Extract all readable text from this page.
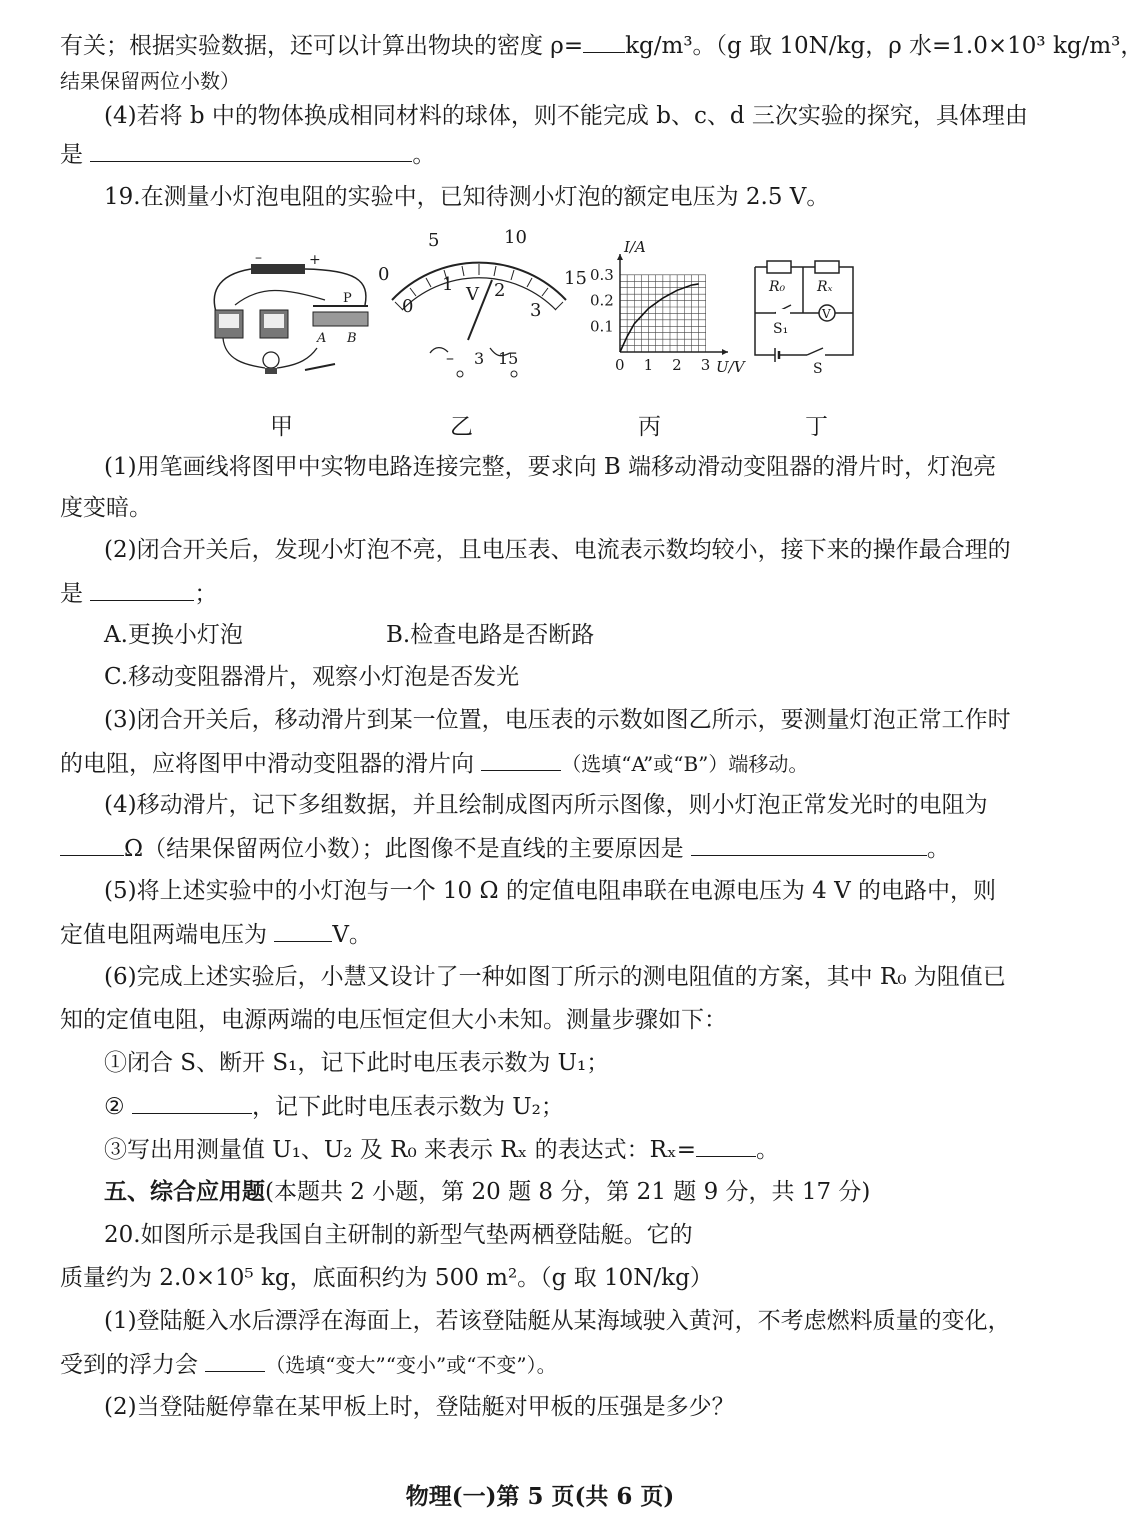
有关；根据实验数据，还可以计算出物块的密度 ρ= kg/m³。（g 取 10N/kg，ρ 水=1.0×10³ kg/m³，
结果保留两位小数）
(4)若将 b 中的物体换成相同材料的球体，则不能完成 b、c、d 三次实验的探究，具体理由
是	。
19.在测量小灯泡电阻的实验中，已知待测小灯泡的额定电压为 2.5 V。
–	+
P
A B
甲
0
5	10
15
0
1 2
3
V
– 3 15
乙
0 1 2 3
0.1
0.2
0.3
U/V
I/A
丙
R₀ Rₓ
V
S₁
S
丁
(1)用笔画线将图甲中实物电路连接完整，要求向 B 端移动滑动变阻器的滑片时，灯泡亮
度变暗。
(2)闭合开关后，发现小灯泡不亮，且电压表、电流表示数均较小，接下来的操作最合理的
是	；
A.更换小灯泡	B.检查电路是否断路
C.移动变阻器滑片，观察小灯泡是否发光
(3)闭合开关后，移动滑片到某一位置，电压表的示数如图乙所示，要测量灯泡正常工作时
的电阻，应将图甲中滑动变阻器的滑片向	（选填“A”或“B”）端移动。
(4)移动滑片，记下多组数据，并且绘制成图丙所示图像，则小灯泡正常发光时的电阻为
Ω（结果保留两位小数）；此图像不是直线的主要原因是	。
(5)将上述实验中的小灯泡与一个 10 Ω 的定值电阻串联在电源电压为 4 V 的电路中，则
定值电阻两端电压为	V。
(6)完成上述实验后，小慧又设计了一种如图丁所示的测电阻值的方案，其中 R₀ 为阻值已
知的定值电阻，电源两端的电压恒定但大小未知。测量步骤如下：
①闭合 S、断开 S₁，记下此时电压表示数为 U₁；
②	，记下此时电压表示数为 U₂；
③写出用测量值 U₁、U₂ 及 R₀ 来表示 Rₓ 的表达式：Rₓ=	。
五、综合应用题(本题共 2 小题，第 20 题 8 分，第 21 题 9 分，共 17 分)
20.如图所示是我国自主研制的新型气垫两栖登陆艇。它的
质量约为 2.0×10⁵ kg，底面积约为 500 m²。（g 取 10N/kg）
(1)登陆艇入水后漂浮在海面上，若该登陆艇从某海域驶入黄河，不考虑燃料质量的变化，
受到的浮力会	（选填“变大”“变小”或“不变”）。
(2)当登陆艇停靠在某甲板上时，登陆艇对甲板的压强是多少？
物理(一)第 5 页(共 6 页)
